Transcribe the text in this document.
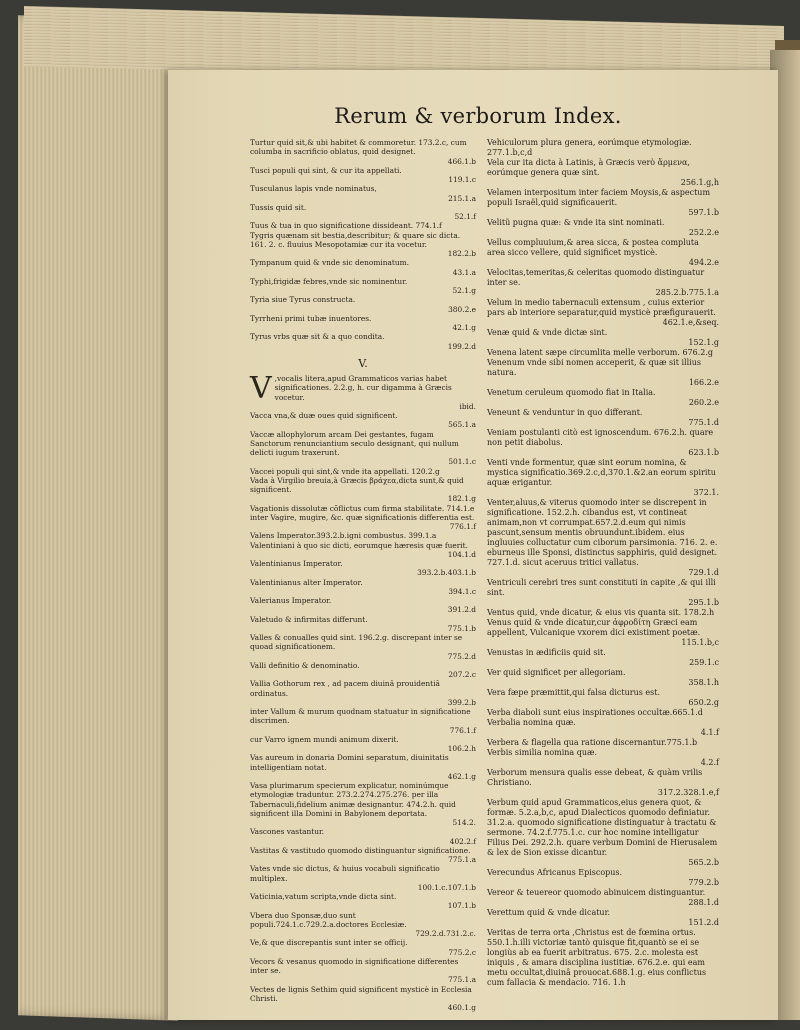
Rerum & verborum Index.
Turtur quid sit,& ubi habitet & commoretur. 173.2.c, cum columba in sacrificio oblatus, quid designet.
466.1.b
Tusci populi qui sint, & cur ita appellati.
119.1.c
Tusculanus lapis vnde nominatus,
215.1.a
Tussis quid sit.
52.1.f
Tuus & tua in quo significatione dissideant. 774.1.f
Tygris quænam sit bestia,describitur; & quare sic dicta. 161. 2. c. fluuius Mesopotamiæ cur ita vocetur.
182.2.b
Tympanum quid & vnde sic denominatum.
43.1.a
Typhi,frigidæ febres,vnde sic nominentur.
52.1.g
Tyria siue Tyrus constructa.
380.2.e
Tyrrheni primi tubæ inuentores.
42.1.g
Tyrus vrbs quæ sit & a quo condita.
199.2.d
V.
V ,vocalis litera,apud Grammaticos varias habet significationes. 2.2.g, h. cur digamma à Græcis vocetur.
ibid.
Vacca vna,& duæ oues quid significent.
565.1.a
Vaccæ allophylorum arcam Dei gestantes, fugam Sanctorum renunciantium seculo designant, qui nullum delicti iugum traxerunt.
501.1.c
Vaccei populi qui sint,& vnde ita appellati. 120.2.g
Vada à Virgilio breuia,à Græcis βράχεα,dicta sunt,& quid significent.
182.1.g
Vagationis dissolutæ cõflictus cum firma stabilitate. 714.1.e
inter Vagire, mugire, &c. quæ significationis differentia est.
776.1.f
Valens Imperator.393.2.b.igni combustus. 399.1.a
Valentiniani à quo sic dicti, eorumque hæresis quæ fuerit.
104.1.d
Valentinianus Imperator.
393.2.b.403.1.b
Valentinianus alter Imperator.
394.1.c
Valerianus Imperator.
391.2.d
Valetudo & infirmitas differunt.
775.1.b
Valles & conualles quid sint. 196.2.g. discrepant inter se quoad significationem.
775.2.d
Valli definitio & denominatio.
207.2.c
Vallia Gothorum rex , ad pacem diuinâ prouidentiâ ordinatus.
399.2.b
inter Vallum & murum quodnam statuatur in significatione discrimen.
776.1.f
cur Varro ignem mundi animum dixerit.
106.2.h
Vas aureum in donaria Domini separatum, diuinitatis intelligentiam notat.
462.1.g
Vasa plurimarum specierum explicatur, nominúmque etymologiæ traduntur. 273.2.274.275.276. per illa Tabernaculi,fidelium animæ designantur. 474.2.h. quid significent illa Domini in Babylonem deportata.
514.2.
Vascones vastantur.
402.2.f
Vastitas & vastitudo quomodo distinguantur significatione.
775.1.a
Vates vnde sic dictus, & huius vocabuli significatio multiplex.
100.1.c.107.1.b
Vaticinia,vatum scripta,vnde dicta sint.
107.1.b
Vbera duo Sponsæ,duo sunt populi.724.1.c.729.2.a.doctores Ecclesiæ.
729.2.d.731.2.c.
Ve,& que discrepantis sunt inter se officij.
775.2.c
Vecors & vesanus quomodo in significatione differentes inter se.
775.1.a
Vectes de lignis Sethim quid significent mysticè in Ecclesia Christi.
460.1.g
Vehiculorum plura genera, eorúmque etymologiæ. 277.1.b,c,d
Vela cur ita dicta à Latinis, à Græcis verò ἄρμενα, eorúmque genera quæ sint.
256.1.g,h
Velamen interpositum inter faciem Moysis,& aspectum populi Israël,quid significauerit.
597.1.b
Velitũ pugna quæ: & vnde ita sint nominati.
252.2.e
Vellus compluuium,& area sicca, & postea compluta area sicco vellere, quid significet mysticè.
494.2.e
Velocitas,temeritas,& celeritas quomodo distinguatur inter se.
285.2.b.775.1.a
Velum in medio tabernaculi extensum , cuius exterior pars ab interiore separatur,quid mysticè præfigurauerit.
462.1.e,&seq.
Venæ quid & vnde dictæ sint.
152.1.g
Venena latent sæpe circumlita melle verborum. 676.2.g
Venenum vnde sibi nomen acceperit, & quæ sit illius natura.
166.2.e
Venetum ceruleum quomodo fiat in Italia.
260.2.e
Veneunt & venduntur in quo differant.
775.1.d
Veniam postulanti citò est ignoscendum. 676.2.h. quare non petit diabolus.
623.1.b
Venti vnde formentur, quæ sint eorum nomina, & mystica significatio.369.2.c,d,370.1.&2.an eorum spiritu aquæ erigantur.
372.1.
Venter,aluus,& viterus quomodo inter se discrepent in significatione. 152.2.h. cibandus est, vt contineat animam,non vt corrumpat.657.2.d.eum qui nimis pascunt,sensum mentis obruundunt.ibidem. eius ingluuies colluctatur cum ciborum parsimonia. 716. 2. e. eburneus ille Sponsi, distinctus sapphiris, quid designet. 727.1.d. sicut aceruus tritici vallatus.
729.1.d
Ventriculi cerebri tres sunt constituti in capite ,& qui illi sint.
295.1.b
Ventus quid, vnde dicatur, & eius vis quanta sit. 178.2.h
Venus quid & vnde dicatur,cur ἀφροδίτη Græci eam appellent, Vulcanique vxorem dici existiment poetæ.
115.1.b,c
Venustas in ædificiis quid sit.
259.1.c
Ver quid significet per allegoriam.
358.1.h
Vera fæpe præmittit,qui falsa dicturus est.
650.2.g
Verba diaboli sunt eius inspirationes occultæ.665.1.d
Verbalia nomina quæ.
4.1.f
Verbera & flagella qua ratione discernantur.775.1.b
Verbis similia nomina quæ.
4.2.f
Verborum mensura qualis esse debeat, & quàm vrilis Christiano.
317.2.328.1.e,f
Verbum quid apud Grammaticos,eius genera quot, & formæ. 5.2.a,b,c, apud Dialecticos quomodo definiatur. 31.2.a. quomodo significatione distinguatur à tractatu & sermone. 74.2.f.775.1.c. cur hoc nomine intelligatur Filius Dei. 292.2.h. quare verbum Domini de Hierusalem & lex de Sion exisse dicantur.
565.2.b
Verecundus Africanus Episcopus.
779.2.b
Vereor & teuereor quomodo abinuicem distinguantur.
288.1.d
Verettum quid & vnde dicatur.
151.2.d
Veritas de terra orta ,Christus est de fœmina ortus. 550.1.h.illi victoriæ tantò quisque fit,quantò se ei se longiùs ab ea fuerit arbitratus. 675. 2.c. molesta est iniquis , & amara disciplina iustitiæ. 676.2.e. qui eam metu occultat,diuinâ prouocat.688.1.g. eius conflictus cum fallacia & mendacio. 716. 1.h
